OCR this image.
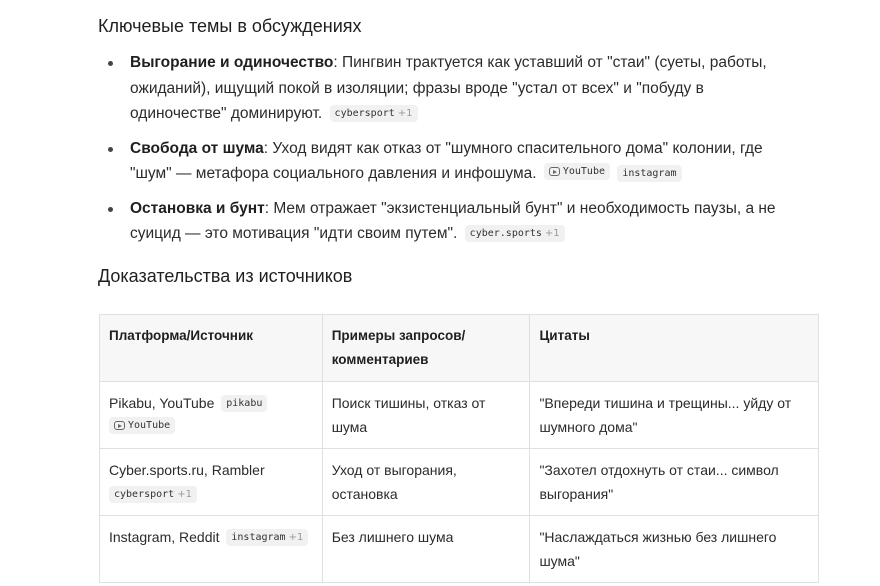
Ключевые темы в обсуждениях
Выгорание и одиночество: Пингвин трактуется как уставший от "стаи" (суеты, работы, ожиданий), ищущий покой в изоляции; фразы вроде "устал от всех" и "побуду в одиночестве" доминируют. cybersport +1
Свобода от шума: Уход видят как отказ от "шумного спасительного дома" колонии, где "шум" — метафора социального давления и инфошума.	YouTube
instagram
Остановка и бунт: Мем отражает "экзистенциальный бунт" и необходимость паузы, а не суицид — это мотивация "идти своим путем". cyber.sports +1
Доказательства из источников
Платформа/Источник	Примеры запросов/ комментариев	Цитаты
Pikabu, YouTube pikabu

YouTube	Поиск тишины, отказ от шума	"Впереди тишина и трещины... уйду от шумного дома"
Cyber.sports.ru, Rambler

cybersport +1	Уход от выгорания, остановка	"Захотел отдохнуть от стаи... символ выгорания"
Instagram, Reddit instagram +1	Без лишнего шума	"Наслаждаться жизнью без лишнего шума"
